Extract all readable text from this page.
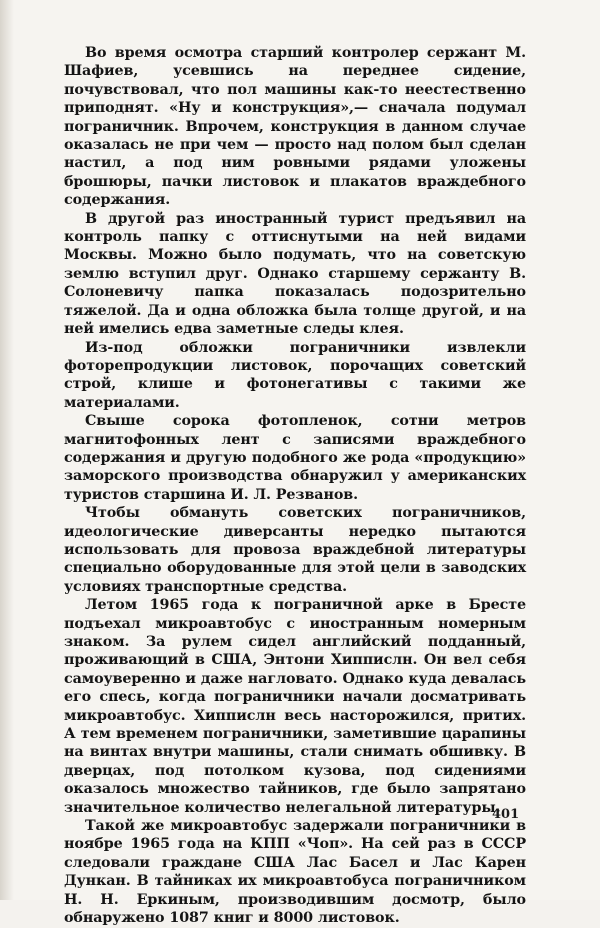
Во время осмотра старший контролер сержант М. Шафиев, усевшись на переднее сидение, почувствовал, что пол машины как-то неестественно приподнят. «Ну и конструкция»,— сначала подумал пограничник. Впрочем, конструкция в данном случае оказалась не при чем — просто над полом был сделан настил, а под ним ровными рядами уложены брошюры, пачки листовок и плакатов враждебного содержания.

В другой раз иностранный турист предъявил на контроль папку с оттиснутыми на ней видами Москвы. Можно было подумать, что на советскую землю вступил друг. Однако старшему сержанту В. Солоневичу папка показалась подозрительно тяжелой. Да и одна обложка была толще другой, и на ней имелись едва заметные следы клея.

Из-под обложки пограничники извлекли фоторепродукции листовок, порочащих советский строй, клише и фотонегативы с такими же материалами.

Свыше сорока фотопленок, сотни метров магнитофонных лент с записями враждебного содержания и другую подобного же рода «продукцию» заморского производства обнаружил у американских туристов старшина И. Л. Резванов.

Чтобы обмануть советских пограничников, идеологические диверсанты нередко пытаются использовать для провоза враждебной литературы специально оборудованные для этой цели в заводских условиях транспортные средства.

Летом 1965 года к пограничной арке в Бресте подъехал микроавтобус с иностранным номерным знаком. За рулем сидел английский подданный, проживающий в США, Энтони Хиппислн. Он вел себя самоуверенно и даже нагловато. Однако куда девалась его спесь, когда пограничники начали досматривать микроавтобус. Хиппислн весь насторожился, притих. А тем временем пограничники, заметившие царапины на винтах внутри машины, стали снимать обшивку. В дверцах, под потолком кузова, под сидениями оказалось множество тайников, где было запрятано значительное количество нелегальной литературы.

Такой же микроавтобус задержали пограничники в ноябре 1965 года на КПП «Чоп». На сей раз в СССР следовали граждане США Лас Басел и Лас Карен Дункан. В тайниках их микроавтобуса пограничником Н. Н. Еркиным, производившим досмотр, было обнаружено 1087 книг и 8000 листовок.

401
